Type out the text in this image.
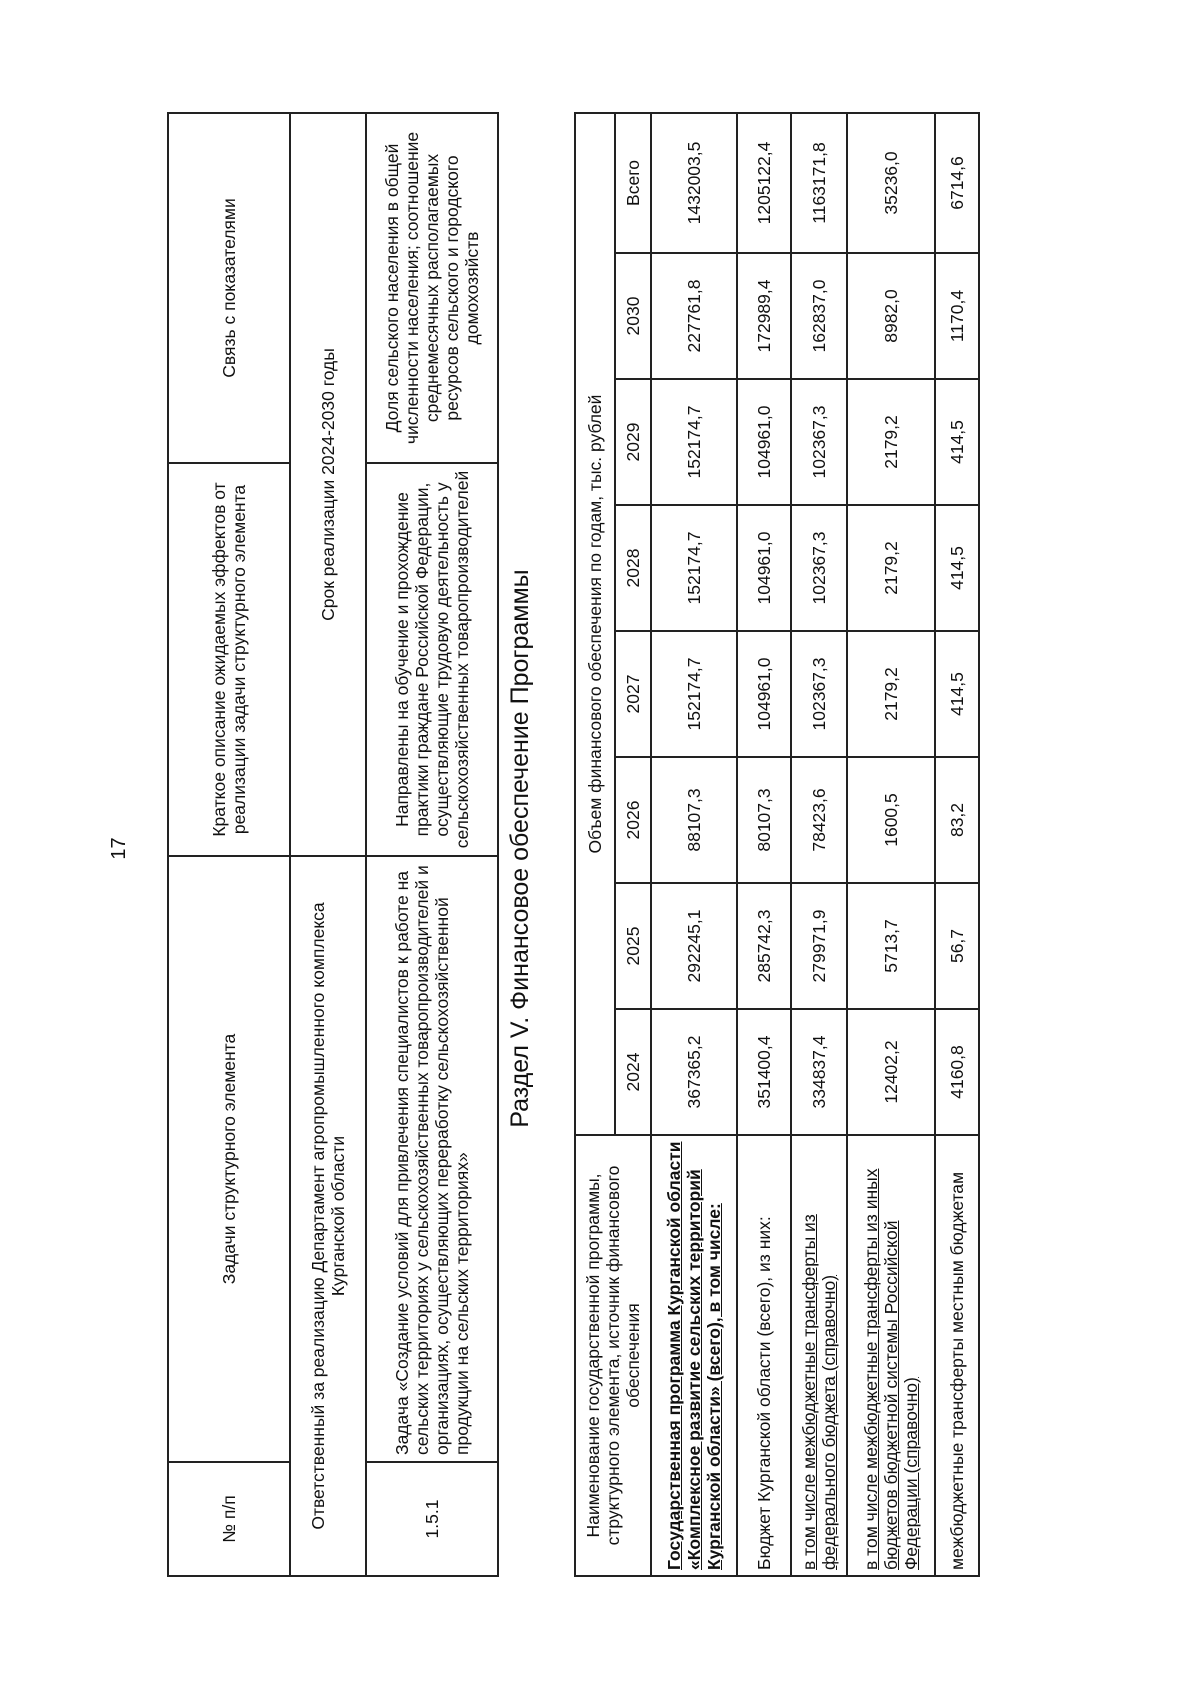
17
№ п/п	Задачи структурного элемента	Краткое описание ожидаемых эффектов от реализации задачи структурного элемента	Связь с показателями
Ответственный за реализацию Департамент агропромышленного комплекса Курганской области		Срок реализации 2024-2030 годы	
1.5.1	Задача «Создание условий для привлечения специалистов к работе на сельских территориях у сельскохозяйственных товаропроизводителей и организациях, осуществляющих переработку сельскохозяйственной продукции на сельских территориях»	Направлены на обучение и прохождение практики граждане Российской Федерации, осуществляющие трудовую деятельность у сельскохозяйственных товаропроизводителей	Доля сельского населения в общей численности населения; соотношение среднемесячных располагаемых ресурсов сельского и городского домохозяйств
Раздел V. Финансовое обеспечение Программы
Наименование государственной программы, структурного элемента, источник финансового обеспечения	Объем финансового обеспечения по годам, тыс. рублей							
	2024	2025	2026	2027	2028	2029	2030	Всего
Государственная программа Курганской области «Комплексное развитие сельских территорий Курганской области» (всего), в том числе:	367365,2	292245,1	88107,3	152174,7	152174,7	152174,7	227761,8	1432003,5
Бюджет Курганской области (всего), из них:	351400,4	285742,3	80107,3	104961,0	104961,0	104961,0	172989,4	1205122,4
в том числе межбюджетные трансферты из федерального бюджета (справочно)	334837,4	279971,9	78423,6	102367,3	102367,3	102367,3	162837,0	1163171,8
в том числе межбюджетные трансферты из иных бюджетов бюджетной системы Российской Федерации (справочно)	12402,2	5713,7	1600,5	2179,2	2179,2	2179,2	8982,0	35236,0
межбюджетные трансферты местным бюджетам	4160,8	56,7	83,2	414,5	414,5	414,5	1170,4	6714,6
